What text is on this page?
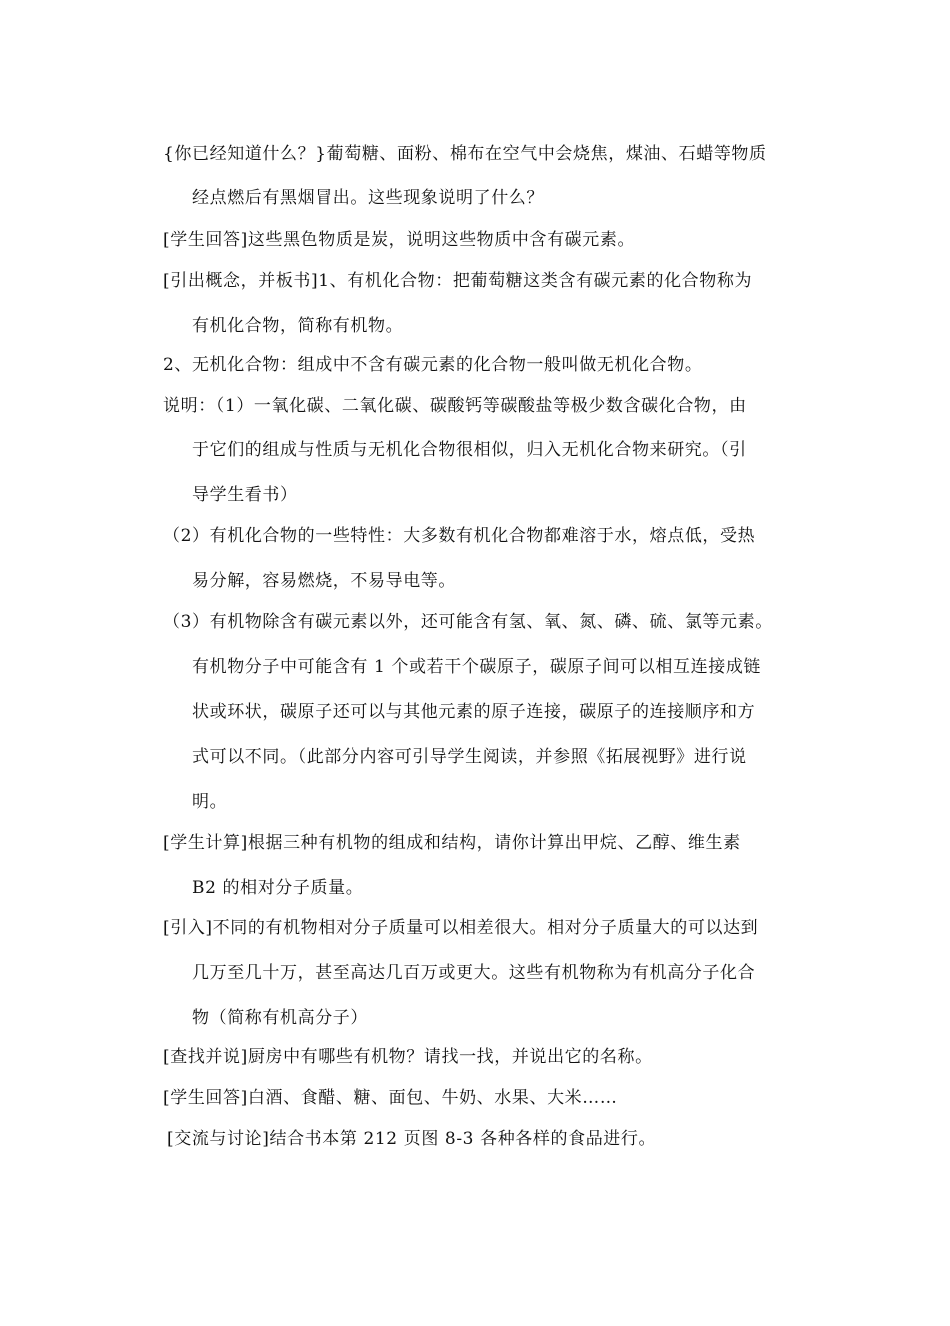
{你已经知道什么？}葡萄糖、面粉、棉布在空气中会烧焦，煤油、石蜡等物质
经点燃后有黑烟冒出。这些现象说明了什么？
[学生回答]这些黑色物质是炭，说明这些物质中含有碳元素。
[引出概念，并板书]1、有机化合物：把葡萄糖这类含有碳元素的化合物称为
有机化合物，简称有机物。
2、无机化合物：组成中不含有碳元素的化合物一般叫做无机化合物。
说明：（1）一氧化碳、二氧化碳、碳酸钙等碳酸盐等极少数含碳化合物，由
于它们的组成与性质与无机化合物很相似，归入无机化合物来研究。（引
导学生看书）
（2）有机化合物的一些特性：大多数有机化合物都难溶于水，熔点低，受热
易分解，容易燃烧，不易导电等。
（3）有机物除含有碳元素以外，还可能含有氢、氧、氮、磷、硫、氯等元素。
有机物分子中可能含有 1 个或若干个碳原子，碳原子间可以相互连接成链
状或环状，碳原子还可以与其他元素的原子连接，碳原子的连接顺序和方
式可以不同。（此部分内容可引导学生阅读，并参照《拓展视野》进行说
明。
[学生计算]根据三种有机物的组成和结构，请你计算出甲烷、乙醇、维生素
B2 的相对分子质量。
[引入]不同的有机物相对分子质量可以相差很大。相对分子质量大的可以达到
几万至几十万，甚至高达几百万或更大。这些有机物称为有机高分子化合
物（简称有机高分子）
[查找并说]厨房中有哪些有机物？请找一找，并说出它的名称。
[学生回答]白酒、食醋、糖、面包、牛奶、水果、大米……
[交流与讨论]结合书本第 212 页图 8-3 各种各样的食品进行。
